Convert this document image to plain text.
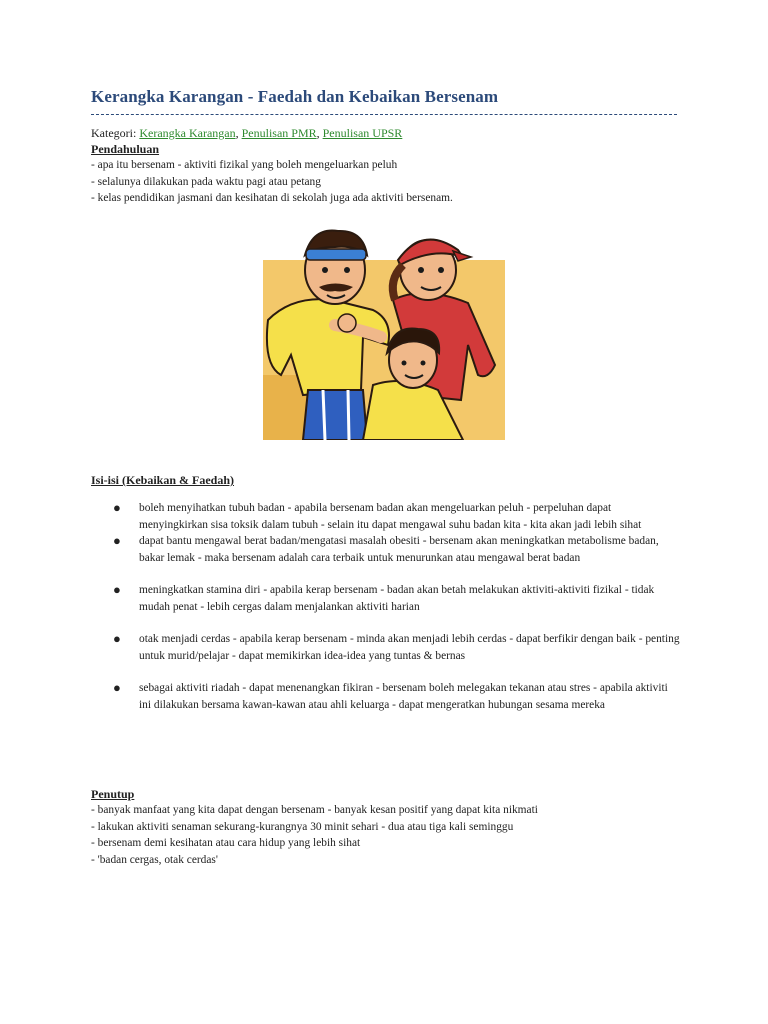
Kerangka Karangan - Faedah dan Kebaikan Bersenam
Kategori: Kerangka Karangan, Penulisan PMR, Penulisan UPSR

Pendahuluan

- apa itu bersenam - aktiviti fizikal yang boleh mengeluarkan peluh

- selalunya dilakukan pada waktu pagi atau petang

- kelas pendidikan jasmani dan kesihatan di sekolah juga ada aktiviti bersenam.

Isi-isi (Kebaikan & Faedah)

● boleh menyihatkan tubuh badan - apabila bersenam badan akan mengeluarkan peluh - perpeluhan dapat menyingkirkan sisa toksik dalam tubuh - selain itu dapat mengawal suhu badan kita - kita akan jadi lebih sihat
● dapat bantu mengawal berat badan/mengatasi masalah obesiti - bersenam akan meningkatkan metabolisme badan, bakar lemak - maka bersenam adalah cara terbaik untuk menurunkan atau mengawal berat badan
● meningkatkan stamina diri - apabila kerap bersenam - badan akan betah melakukan aktiviti-aktiviti fizikal - tidak mudah penat - lebih cergas dalam menjalankan aktiviti harian
● otak menjadi cerdas - apabila kerap bersenam - minda akan menjadi lebih cerdas - dapat berfikir dengan baik - penting untuk murid/pelajar - dapat memikirkan idea-idea yang tuntas & bernas
● sebagai aktiviti riadah - dapat menenangkan fikiran - bersenam boleh melegakan tekanan atau stres - apabila aktiviti ini dilakukan bersama kawan-kawan atau ahli keluarga - dapat mengeratkan hubungan sesama mereka

Penutup

- banyak manfaat yang kita dapat dengan bersenam - banyak kesan positif yang dapat kita nikmati

- lakukan aktiviti senaman sekurang-kurangnya 30 minit sehari - dua atau tiga kali seminggu

- bersenam demi kesihatan atau cara hidup yang lebih sihat

- 'badan cergas, otak cerdas'
